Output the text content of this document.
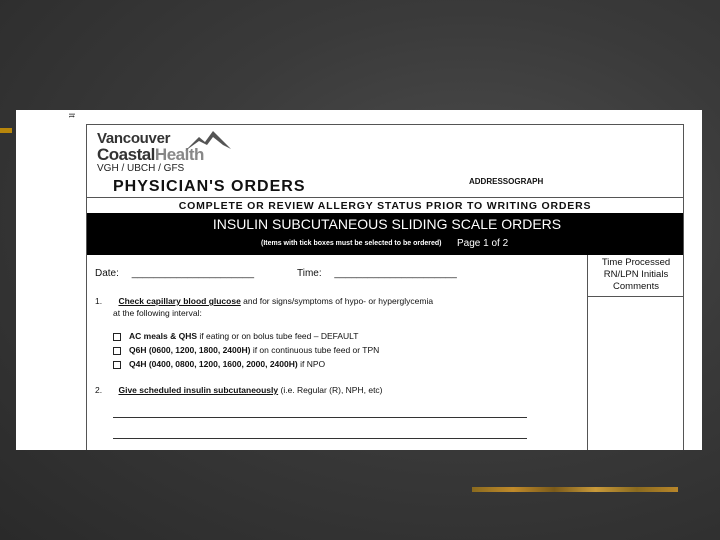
It
Vancouver
CoastalHealth
VGH / UBCH / GFS
PHYSICIAN'S ORDERS	ADDRESSOGRAPH
COMPLETE OR REVIEW ALLERGY STATUS PRIOR TO WRITING ORDERS
INSULIN SUBCUTANEOUS SLIDING SCALE ORDERS
(Items with tick boxes must be selected to be ordered) Page 1 of 2
Time Processed
RN/LPN Initials
Comments
Date: ______________________	Time: ______________________
1. Check capillary blood glucose and for signs/symptoms of hypo- or hyperglycemia
at the following interval:
AC meals & QHS if eating or on bolus tube feed – DEFAULT
Q6H (0600, 1200, 1800, 2400H) if on continuous tube feed or TPN
Q4H (0400, 0800, 1200, 1600, 2000, 2400H) if NPO
2. Give scheduled insulin subcutaneously (i.e. Regular (R), NPH, etc)
